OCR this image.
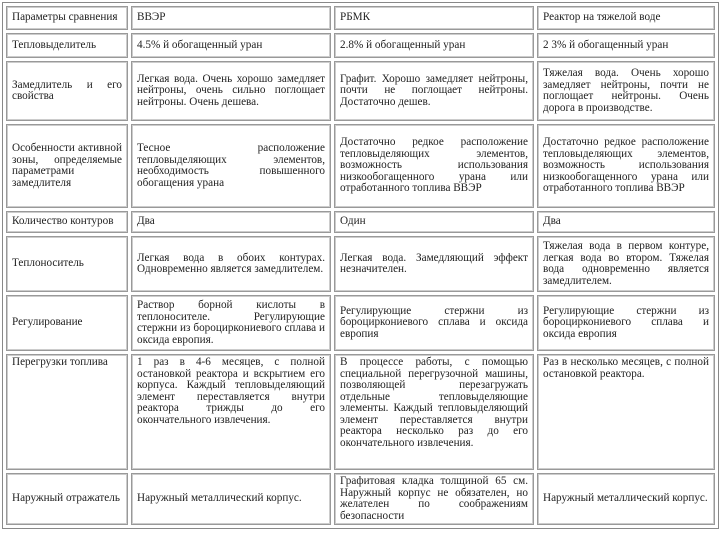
Параметры сравнения	ВВЭР	РБМК	Реактор на тяжелой воде
Тепловыделитель	4.5% й обогащенный уран	2.8% й обогащенный уран	2 3% й обогащенный уран
Замедлитель и его свойства	Легкая вода. Очень хорошо замедляет нейтроны, очень сильно поглощает нейтроны. Очень дешева.	Графит. Хорошо замедляет нейтроны, почти не поглощает нейтроны. Достаточно дешев.	Тяжелая вода. Очень хорошо замедляет нейтроны, почти не поглощает нейтроны. Очень дорога в производстве.
Особенности активной зоны, определяемые параметрами замедлителя	Тесное расположение тепловыделяющих элементов, необходимость повышенного обогащения урана	Достаточно редкое расположение тепловыделяющих элементов, возможность использования низкообогащенного урана или отработанного топлива ВВЭР	Достаточно редкое расположение тепловыделяющих элементов, возможность использования низкообогащенного урана или отработанного топлива ВВЭР
Количество контуров	Два	Один	Два
Теплоноситель	Легкая вода в обоих контурах. Одновременно является замедлителем.	Легкая вода. Замедляющий эффект незначителен.	Тяжелая вода в первом контуре, легкая вода во втором. Тяжелая вода одновременно является замедлителем.
Регулирование	Раствор борной кислоты в теплоносителе. Регулирующие стержни из бороциркониевого сплава и оксида европия.	Регулирующие стержни из бороциркониевого сплава и оксида европия	Регулирующие стержни из бороциркониевого сплава и оксида европия
Перегрузки топлива	1 раз в 4-6 месяцев, с полной остановкой реактора и вскрытием его корпуса. Каждый тепловыделяющий элемент переставляется внутри реактора трижды до его окончательного извлечения.	В процессе работы, с помощью специальной перегрузочной машины, позволяющей перезагружать отдельные тепловыделяющие элементы. Каждый тепловыделяющий элемент переставляется внутри реактора несколько раз до его окончательного извлечения.	Раз в несколько месяцев, с полной остановкой реактора.
Наружный отражатель	Наружный металлический корпус.	Графитовая кладка толщиной 65 см. Наружный корпус не обязателен, но желателен по соображениям безопасности	Наружный металлический корпус.
